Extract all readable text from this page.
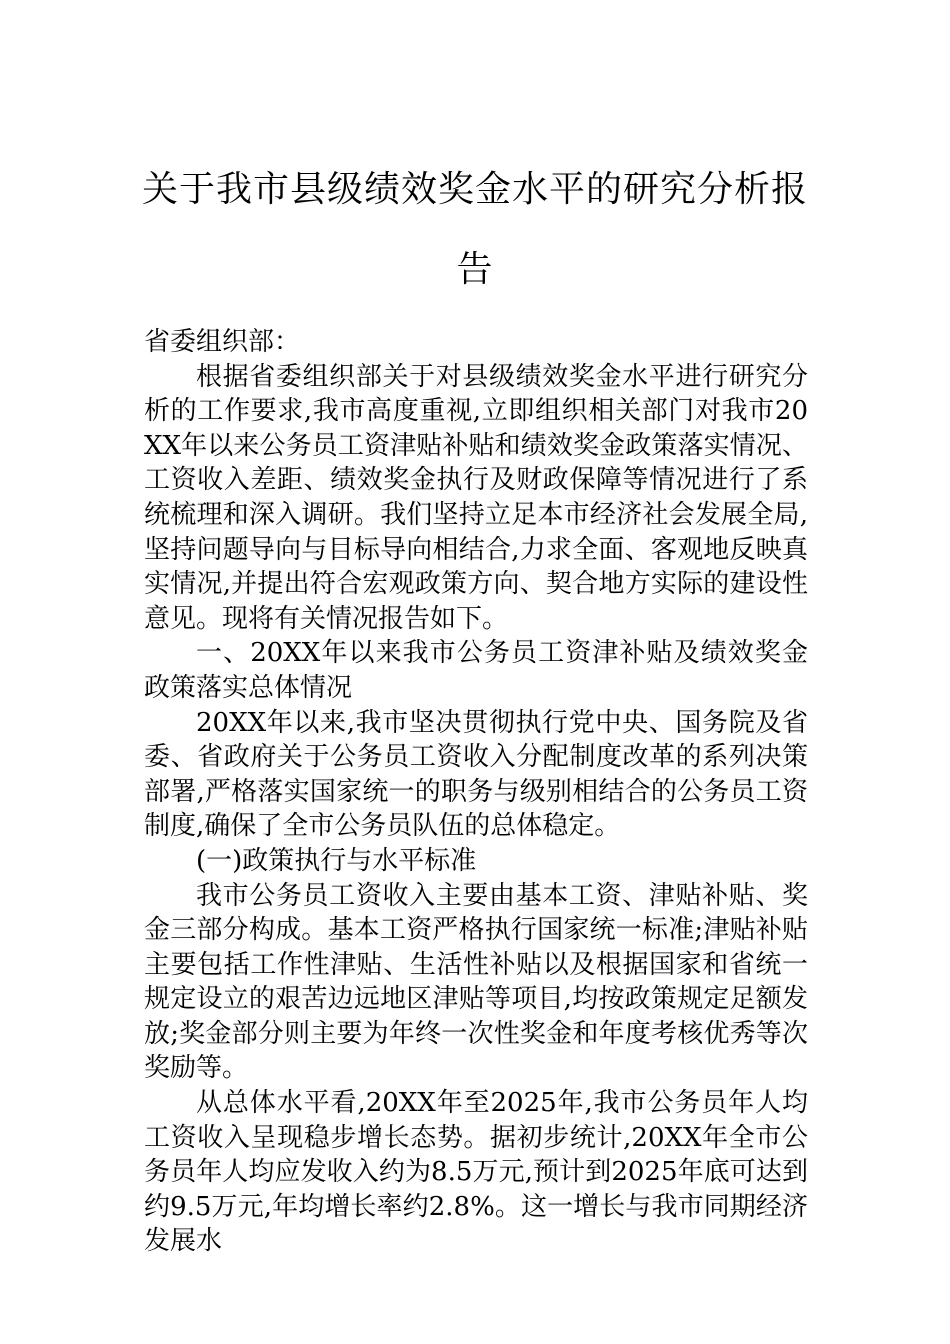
关于我市县级绩效奖金水平的研究分析报告

省委组织部：

根据省委组织部关于对县级绩效奖金水平进行研究分析的工作要求,我市高度重视,立即组织相关部门对我市20XX年以来公务员工资津贴补贴和绩效奖金政策落实情况、工资收入差距、绩效奖金执行及财政保障等情况进行了系统梳理和深入调研。我们坚持立足本市经济社会发展全局,坚持问题导向与目标导向相结合,力求全面、客观地反映真实情况,并提出符合宏观政策方向、契合地方实际的建设性意见。现将有关情况报告如下。

一、20XX年以来我市公务员工资津补贴及绩效奖金政策落实总体情况

20XX年以来,我市坚决贯彻执行党中央、国务院及省委、省政府关于公务员工资收入分配制度改革的系列决策部署,严格落实国家统一的职务与级别相结合的公务员工资制度,确保了全市公务员队伍的总体稳定。

(一)政策执行与水平标准

我市公务员工资收入主要由基本工资、津贴补贴、奖金三部分构成。基本工资严格执行国家统一标准;津贴补贴主要包括工作性津贴、生活性补贴以及根据国家和省统一规定设立的艰苦边远地区津贴等项目,均按政策规定足额发放;奖金部分则主要为年终一次性奖金和年度考核优秀等次奖励等。

从总体水平看,20XX年至2025年,我市公务员年人均工资收入呈现稳步增长态势。据初步统计,20XX年全市公务员年人均应发收入约为8.5万元,预计到2025年底可达到约9.5万元,年均增长率约2.8%。这一增长与我市同期经济发展水
